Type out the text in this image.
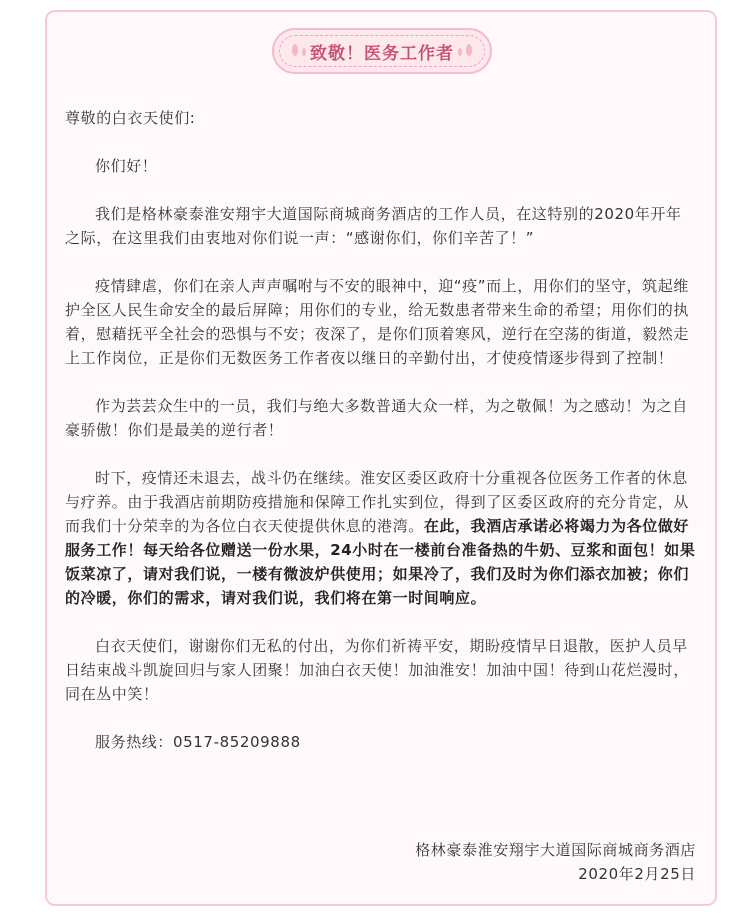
致敬！医务工作者

尊敬的白衣天使们:

你们好！

我们是格林豪泰淮安翔宇大道国际商城商务酒店的工作人员，在这特别的2020年开年之际，在这里我们由衷地对你们说一声：“感谢你们，你们辛苦了！”

疫情肆虐，你们在亲人声声嘱咐与不安的眼神中，迎“疫”而上，用你们的坚守，筑起维护全区人民生命安全的最后屏障；用你们的专业，给无数患者带来生命的希望；用你们的执着，慰藉抚平全社会的恐惧与不安；夜深了，是你们顶着寒风，逆行在空荡的街道，毅然走上工作岗位，正是你们无数医务工作者夜以继日的辛勤付出，才使疫情逐步得到了控制！

作为芸芸众生中的一员，我们与绝大多数普通大众一样，为之敬佩！为之感动！为之自豪骄傲！你们是最美的逆行者！

时下，疫情还未退去，战斗仍在继续。淮安区委区政府十分重视各位医务工作者的休息与疗养。由于我酒店前期防疫措施和保障工作扎实到位，得到了区委区政府的充分肯定，从而我们十分荣幸的为各位白衣天使提供休息的港湾。在此，我酒店承诺必将竭力为各位做好服务工作！每天给各位赠送一份水果，24小时在一楼前台准备热的牛奶、豆浆和面包！如果饭菜凉了，请对我们说，一楼有微波炉供使用；如果冷了，我们及时为你们添衣加被；你们的冷暖，你们的需求，请对我们说，我们将在第一时间响应。

白衣天使们，谢谢你们无私的付出，为你们祈祷平安，期盼疫情早日退散，医护人员早日结束战斗凯旋回归与家人团聚！加油白衣天使！加油淮安！加油中国！待到山花烂漫时，同在丛中笑！

服务热线：0517-85209888

格林豪泰淮安翔宇大道国际商城商务酒店
2020年2月25日
